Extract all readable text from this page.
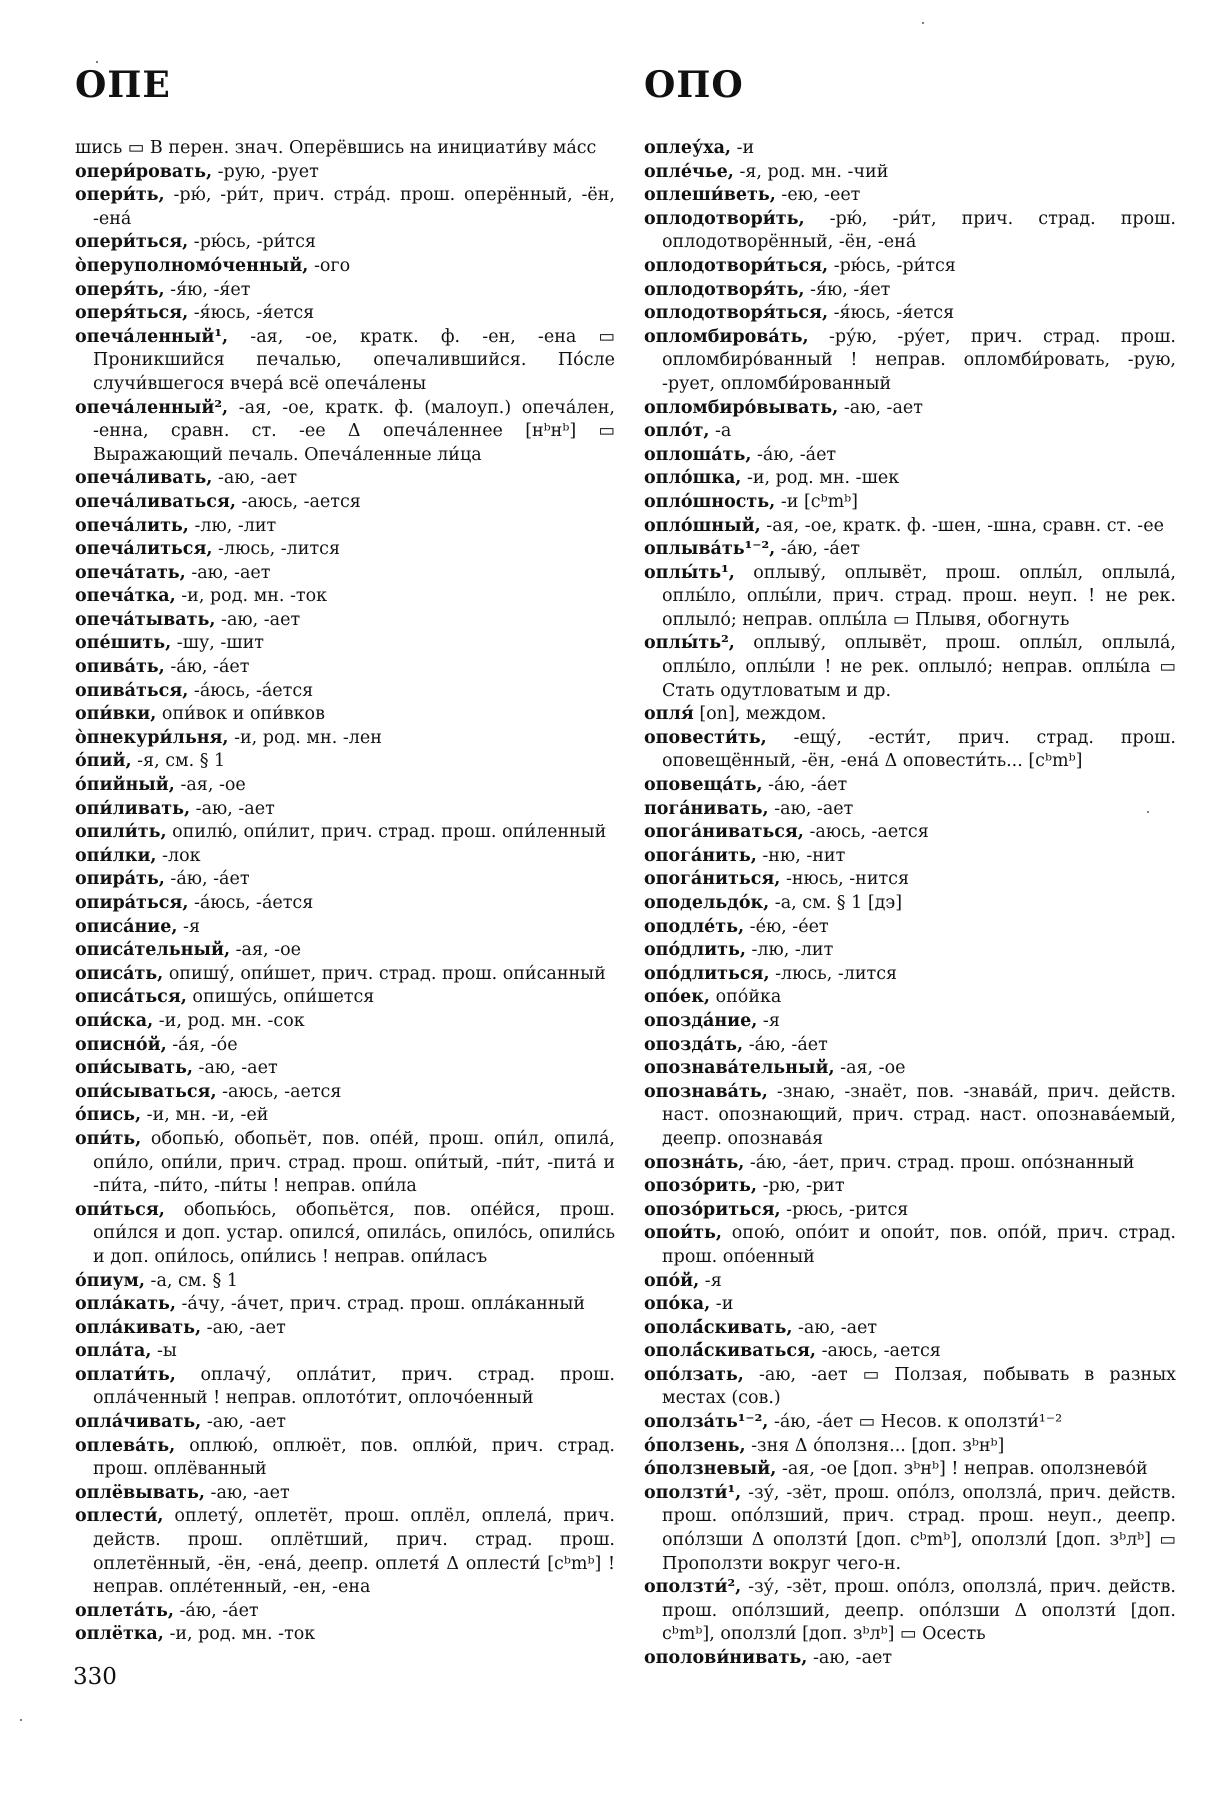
ОПЕ	ОПО

шись ▭ В перен. знач. Оперёвшись на инициати́ву ма́сс

опери́ровать, -рую, -рует

опери́ть, -рю́, -ри́т, прич. стра́д. прош. оперённый, -ён, -ена́

опери́ться, -рю́сь, -ри́тся

о̀перуполномо́ченный, -ого

оперя́ть, -я́ю, -я́ет

оперя́ться, -я́юсь, -я́ется

опеча́ленный¹, -ая, -ое, кратк. ф. -ен, -ена ▭ Проникшийся печалью, опечалившийся. По́сле случи́вшегося вчера́ всё опеча́лены

опеча́ленный², -ая, -ое, кратк. ф. (малоуп.) опеча́лен, -енна, сравн. ст. -ее Δ опеча́леннее [нᵇнᵇ] ▭ Выражающий печаль. Опеча́ленные ли́ца

опеча́ливать, -аю, -ает

опеча́ливаться, -аюсь, -ается

опеча́лить, -лю, -лит

опеча́литься, -люсь, -лится

опеча́тать, -аю, -ает

опеча́тка, -и, род. мн. -ток

опеча́тывать, -аю, -ает

опе́шить, -шу, -шит

опива́ть, -а́ю, -а́ет

опива́ться, -а́юсь, -а́ется

опи́вки, опи́вок и опи́вков

о̀пнекури́льня, -и, род. мн. -лен

о́пий, -я, см. § 1

о́пийный, -ая, -ое

опи́ливать, -аю, -ает

опили́ть, опилю́, опи́лит, прич. страд. прош. опи́ленный

опи́лки, -лок

опира́ть, -а́ю, -а́ет

опира́ться, -а́юсь, -а́ется

описа́ние, -я

описа́тельный, -ая, -ое

описа́ть, опишу́, опи́шет, прич. страд. прош. опи́санный

описа́ться, опишу́сь, опи́шется

опи́ска, -и, род. мн. -сок

описно́й, -а́я, -о́е

опи́сывать, -аю, -ает

опи́сываться, -аюсь, -ается

о́пись, -и, мн. -и, -ей

опи́ть, обопью́, обопьёт, пов. опе́й, прош. опи́л, опила́, опи́ло, опи́ли, прич. страд. прош. опи́тый, -пи́т, -пита́ и -пи́та, -пи́то, -пи́ты ! неправ. опи́ла

опи́ться, обопью́сь, обопьётся, пов. опе́йся, прош. опи́лся и доп. устар. опился́, опила́сь, опило́сь, опили́сь и доп. опи́лось, опи́лись ! неправ. опи́ласъ

о́пиум, -а, см. § 1

опла́кать, -а́чу, -а́чет, прич. страд. прош. опла́канный

опла́кивать, -аю, -ает

опла́та, -ы

оплати́ть, оплачу́, опла́тит, прич. страд. прош. опла́ченный ! неправ. оплото́тит, оплочо́енный

опла́чивать, -аю, -ает

оплева́ть, оплюю́, оплюёт, пов. оплю́й, прич. страд. прош. оплёванный

оплёвывать, -аю, -ает

оплести́, оплету́, оплетёт, прош. оплёл, оплела́, прич. действ. прош. оплётший, прич. страд. прош. оплетённый, -ён, -ена́, деепр. оплетя́ Δ оплести́ [cᵇmᵇ] ! неправ. оплéтенный, -ен, -ена

оплета́ть, -а́ю, -а́ет

оплётка, -и, род. мн. -ток

оплеу́ха, -и

опле́чье, -я, род. мн. -чий

оплеши́веть, -ею, -еет

оплодотвори́ть, -рю́, -ри́т, прич. страд. прош. оплодотворённый, -ён, -ена́

оплодотвори́ться, -рю́сь, -ри́тся

оплодотворя́ть, -я́ю, -я́ет

оплодотворя́ться, -я́юсь, -я́ется

опломбирова́ть, -ру́ю, -ру́ет, прич. страд. прош. опломбиро́ванный ! неправ. опломби́ровать, -рую, -рует, опломби́рованный

опломбиро́вывать, -аю, -ает

оплóт, -а

оплоша́ть, -а́ю, -а́ет

опло́шка, -и, род. мн. -шек

опло́шность, -и [cᵇmᵇ]

опло́шный, -ая, -ое, кратк. ф. -шен, -шна, сравн. ст. -ее

оплыва́ть¹⁻², -а́ю, -а́ет

оплы́ть¹, оплыву́, оплывёт, прош. оплы́л, оплыла́, оплы́ло, оплы́ли, прич. страд. прош. неуп. ! не рек. оплыло́; неправ. оплы́ла ▭ Плывя, обогнуть

оплы́ть², оплыву́, оплывёт, прош. оплы́л, оплыла́, оплы́ло, оплы́ли ! не рек. оплыло́; неправ. оплы́ла ▭ Стать одутловатым и др.

опля́ [on], междом.

оповести́ть, -ещу́, -ести́т, прич. страд. прош. оповещённый, -ён, -ена́ Δ оповести́ть... [cᵇmᵇ]

оповеща́ть, -а́ю, -а́ет

пога́нивать, -аю, -ает

опога́ниваться, -аюсь, -ается

опога́нить, -ню, -нит

опога́ниться, -нюсь, -нится

оподельдо́к, -а, см. § 1 [дэ]

оподле́ть, -е́ю, -е́ет

опо́длить, -лю, -лит

опо́длиться, -люсь, -лится

опо́ек, опо́йка

опозда́ние, -я

опозда́ть, -а́ю, -а́ет

опознава́тельный, -ая, -ое

опознава́ть, -знаю, -знаёт, пов. -знава́й, прич. действ. наст. опознающий, прич. страд. наст. опознава́емый, деепр. опознава́я

опозна́ть, -а́ю, -а́ет, прич. страд. прош. опо́знанный

опозо́рить, -рю, -рит

опозо́риться, -рюсь, -рится

опои́ть, опою́, опо́ит и опои́т, пов. опо́й, прич. страд. прош. опо́енный

опо́й, -я

опо́ка, -и

ополá́скивать, -аю, -ает

ополá́скиваться, -аюсь, -ается

опо́лзать, -аю, -ает ▭ Ползая, побывать в разных местах (сов.)

оползáть¹⁻², -а́ю, -а́ет ▭ Несов. к оползти́¹⁻²

о́ползень, -зня Δ о́ползня... [доп. зᵇнᵇ]

о́ползневый, -ая, -ое [доп. зᵇнᵇ] ! неправ. оползнево́й

оползти́¹, -зу́, -зёт, прош. опо́лз, оползла́, прич. действ. прош. опо́лзший, прич. страд. прош. неуп., деепр. опо́лзши Δ оползти́ [доп. cᵇmᵇ], оползли́ [доп. зᵇлᵇ] ▭ Проползти вокруг чего-н.

оползти́², -зу́, -зёт, прош. опо́лз, оползла́, прич. действ. прош. опо́лзший, деепр. опо́лзши Δ оползти́ [доп. cᵇmᵇ], оползли́ [доп. зᵇлᵇ] ▭ Осесть

ополови́нивать, -аю, -ает

330
